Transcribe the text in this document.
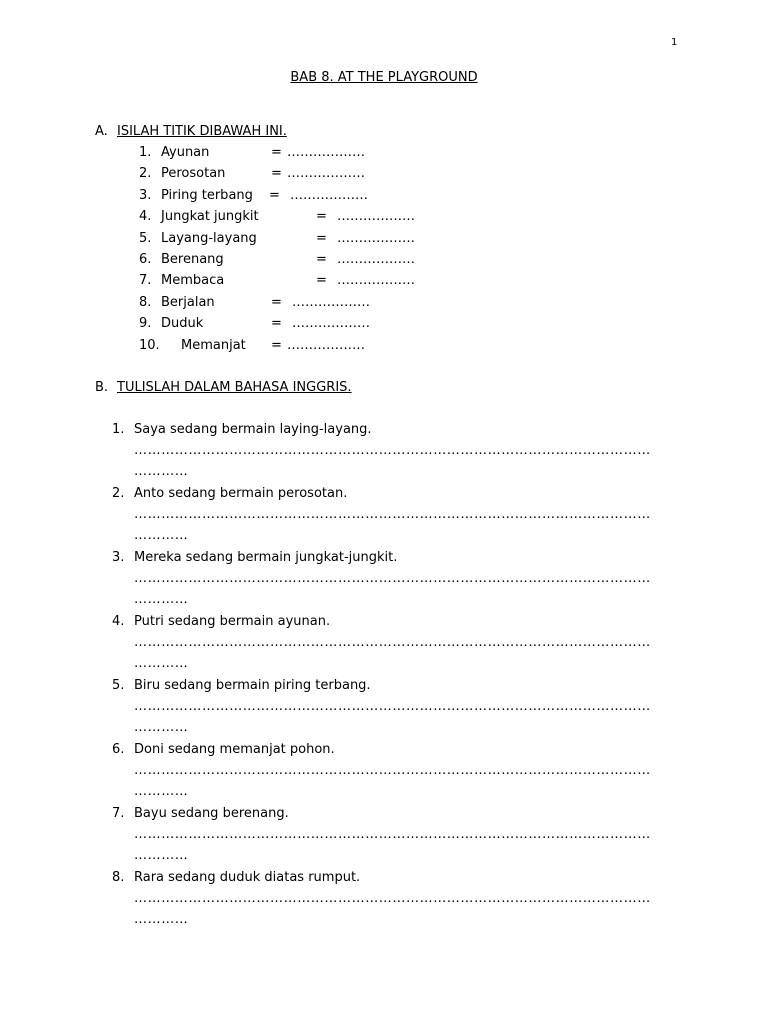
1
BAB 8. AT THE PLAYGROUND
A. ISILAH TITIK DIBAWAH INI.
1. Ayunan	= ………………
2. Perosotan	= ………………
3. Piring terbang = ………………
4. Jungkat jungkit	= ………………
5. Layang-layang	= ………………
6. Berenang	= ………………
7. Membaca	= ………………
8. Berjalan	= ………………
9. Duduk	= ………………
10. Memanjat = ………………
B. TULISLAH DALAM BAHASA INGGRIS.
1. Saya sedang bermain laying-layang.
……………………………………………………………………………………………………
…………
2. Anto sedang bermain perosotan.
……………………………………………………………………………………………………
…………
3. Mereka sedang bermain jungkat-jungkit.
……………………………………………………………………………………………………
…………
4. Putri sedang bermain ayunan.
……………………………………………………………………………………………………
…………
5. Biru sedang bermain piring terbang.
……………………………………………………………………………………………………
…………
6. Doni sedang memanjat pohon.
……………………………………………………………………………………………………
…………
7. Bayu sedang berenang.
……………………………………………………………………………………………………
…………
8. Rara sedang duduk diatas rumput.
……………………………………………………………………………………………………
…………
